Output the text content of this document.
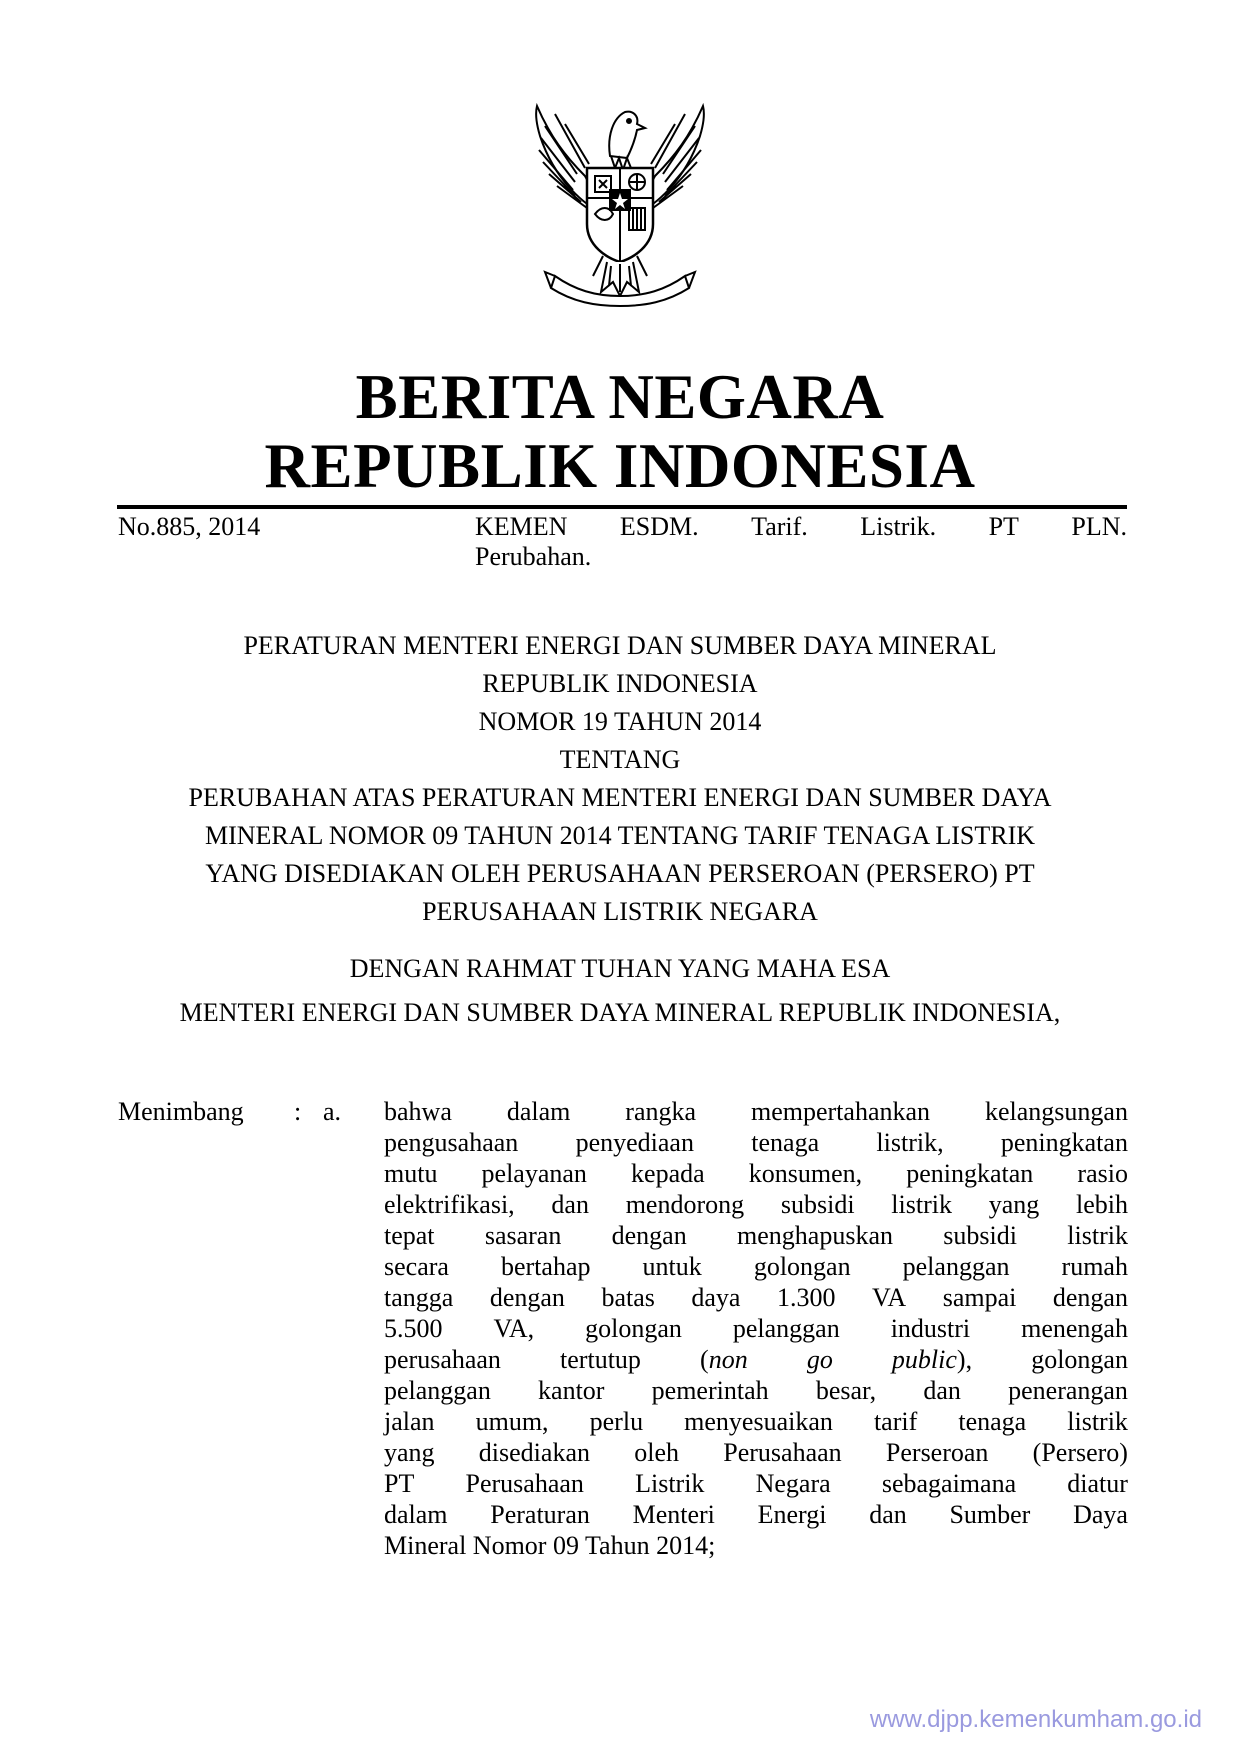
BERITA NEGARA
REPUBLIK INDONESIA
No.885, 2014	KEMEN ESDM. Tarif. Listrik. PT PLN.
Perubahan.
PERATURAN MENTERI ENERGI DAN SUMBER DAYA MINERAL
REPUBLIK INDONESIA
NOMOR 19 TAHUN 2014
TENTANG
PERUBAHAN ATAS PERATURAN MENTERI ENERGI DAN SUMBER DAYA
MINERAL NOMOR 09 TAHUN 2014 TENTANG TARIF TENAGA LISTRIK
YANG DISEDIAKAN OLEH PERUSAHAAN PERSEROAN (PERSERO) PT
PERUSAHAAN LISTRIK NEGARA
DENGAN RAHMAT TUHAN YANG MAHA ESA
MENTERI ENERGI DAN SUMBER DAYA MINERAL REPUBLIK INDONESIA,
Menimbang : a. bahwa dalam rangka mempertahankan kelangsungan
pengusahaan penyediaan tenaga listrik, peningkatan
mutu pelayanan kepada konsumen, peningkatan rasio
elektrifikasi, dan mendorong subsidi listrik yang lebih
tepat sasaran dengan menghapuskan subsidi listrik
secara bertahap untuk golongan pelanggan rumah
tangga dengan batas daya 1.300 VA sampai dengan
5.500 VA, golongan pelanggan industri menengah
perusahaan tertutup (non go public), golongan
pelanggan kantor pemerintah besar, dan penerangan
jalan umum, perlu menyesuaikan tarif tenaga listrik
yang disediakan oleh Perusahaan Perseroan (Persero)
PT Perusahaan Listrik Negara sebagaimana diatur
dalam Peraturan Menteri Energi dan Sumber Daya
Mineral Nomor 09 Tahun 2014;
www.djpp.kemenkumham.go.id
